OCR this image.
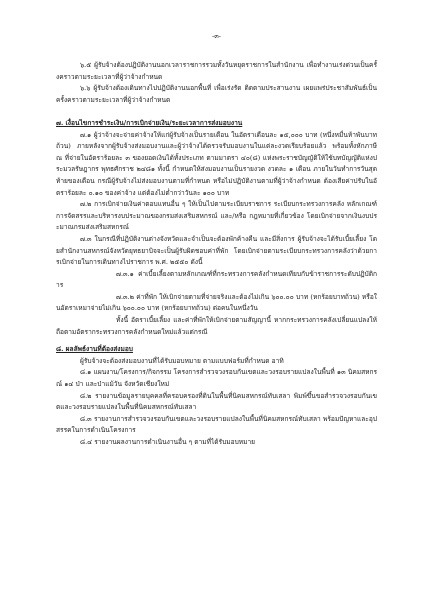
-๓-

๖.๕ ผู้รับจ้างต้องปฏิบัติงานนอกเวลาราชการรวมทั้งวันหยุดราชการในสำนักงาน เพื่อทำงานเร่งด่วนเป็นครั้งคราวตามระยะเวลาที่ผู้ว่าจ้างกำหนด

๖.๖ ผู้รับจ้างต้องเดินทางไปปฏิบัติงานนอกพื้นที่ เพื่อเร่งรัด ติดตามประสานงาน เผยแพร่ประชาสัมพันธ์เป็นครั้งคราวตามระยะเวลาที่ผู้ว่าจ้างกำหนด

๗. เงื่อนไขการชำระเงิน/การเบิกจ่ายเงิน/ระยะเวลาการส่งมอบงาน

๗.๑ ผู้ว่าจ้างจะจ่ายค่าจ้างให้แก่ผู้รับจ้างเป็นรายเดือน ในอัตราเดือนละ ๑๕,๐๐๐ บาท (หนึ่งหมื่นห้าพันบาทถ้วน) ภายหลังจากผู้รับจ้างส่งมอบงานและผู้ว่าจ้างได้ตรวจรับมอบงานในแต่ละงวดเรียบร้อยแล้ว พร้อมทั้งหักภาษี ณ ที่จ่ายในอัตราร้อยละ ๓ ของยอดเงินได้ทั้งประเภท ตามมาตรา ๔๐(๘) แห่งพระราชบัญญัติให้ใช้บทบัญญัติแห่งประมวลรัษฎากร พุทธศักราช ๒๔๘๑ ทั้งนี้ กำหนดให้ส่งมอบงานเป็นรายงวด งวดละ ๑ เดือน ภายในวันทำการวันสุดท้ายของเดือน กรณีผู้รับจ้างไม่ส่งมอบงานตามที่กำหนด หรือไม่ปฏิบัติงานตามที่ผู้ว่าจ้างกำหนด ต้องเสียค่าปรับในอัตราร้อยละ ๐.๑๐ ของค่าจ้าง แต่ต้องไม่ต่ำกว่าวันละ ๑๐๐ บาท

๗.๒ การเบิกจ่ายเงินค่าตอบแทนอื่น ๆ ให้เป็นไปตามระเบียบราชการ ระเบียบกระทรวงการคลัง หลักเกณฑ์การจัดสรรและบริหารงบประมาณของกรมส่งเสริมสหกรณ์ และ/หรือ กฎหมายที่เกี่ยวข้อง โดยเบิกจ่ายจากเงินงบประมาณกรมส่งเสริมสหกรณ์

๗.๓ ในกรณีที่ปฏิบัติงานต่างจังหวัดและจำเป็นจะต้องพักค้างคืน และมีสิ่งการ ผู้รับจ้างจะได้รับเบี้ยเลี้ยง โดยสำนักงานสหกรณ์จังหวัดยุทธยาบิจจะเป็นผู้รับผิดชอบค่าที่พัก โดยเบิกจ่ายตามระเบียบกระทรวงการคลังว่าด้วยการเบิกจ่ายในการเดินทางไปราชการ พ.ศ. ๒๕๕๐ ดังนี้

๗.๓.๑ ค่าเบี้ยเลี้ยงตามหลักเกณฑ์ที่กระทรวงการคลังกำหนดเทียบกับข้าราชการระดับปฏิบัติการ

๗.๓.๒ ค่าที่พัก ให้เบิกจ่ายตามที่จ่ายจริงและต้องไม่เกิน ๖๐๐.๐๐ บาท (หกร้อยบาทถ้วน) หรือในอัตราเหมาจ่ายไม่เกิน ๖๐๐.๐๐ บาท (หกร้อยบาทถ้วน) ต่อคนในหนึ่งวัน

ทั้งนี้ อัตราเบี้ยเลี้ยง และค่าที่พักให้เบิกจ่ายตามสัญญานี้ หากกระทรวงการคลังเปลี่ยนแปลงให้ถือตามอัตรากระทรวงการคลังกำหนดใหม่แล้วแต่กรณี

๘. ผลลัพธ์งานที่ต้องส่งมอบ

ผู้รับจ้างจะต้องส่งมอบงานที่ได้รับมอบหมาย ตามแบบฟอร์มที่กำหนด อาทิ

๘.๑ แผนงาน/โครงการ/กิจกรรม โครงการสำรวจวงรอบกันเขตและวงรอบรายแปลงในพื้นที่ ๑๓ นิคมสหกรณ์ ๑๔ ป่า และป่าแม้วัน จังหวัดเชียงใหม่

๘.๒ รายงานข้อมูลรายบุคคลที่ครอบครองที่ดินในพื้นที่นิคมสหกรณ์ทับเสลา พิมพ์ขึ้นขอสำรวจวงรอบกันเขตและวงรอบรายแปลงในพื้นที่นิคมสหกรณ์ทับเสลา

๘.๓ รายงานการสำรวจวงรอบกันเขตและวงรอบรายแปลงในพื้นที่นิคมสหกรณ์ทับเสลา พร้อมปัญหาและอุปสรรคในการดำเนินโครงการ

๘.๔ รายงานผลงานการดำเนินงานอื่น ๆ ตามที่ได้รับมอบหมาย
